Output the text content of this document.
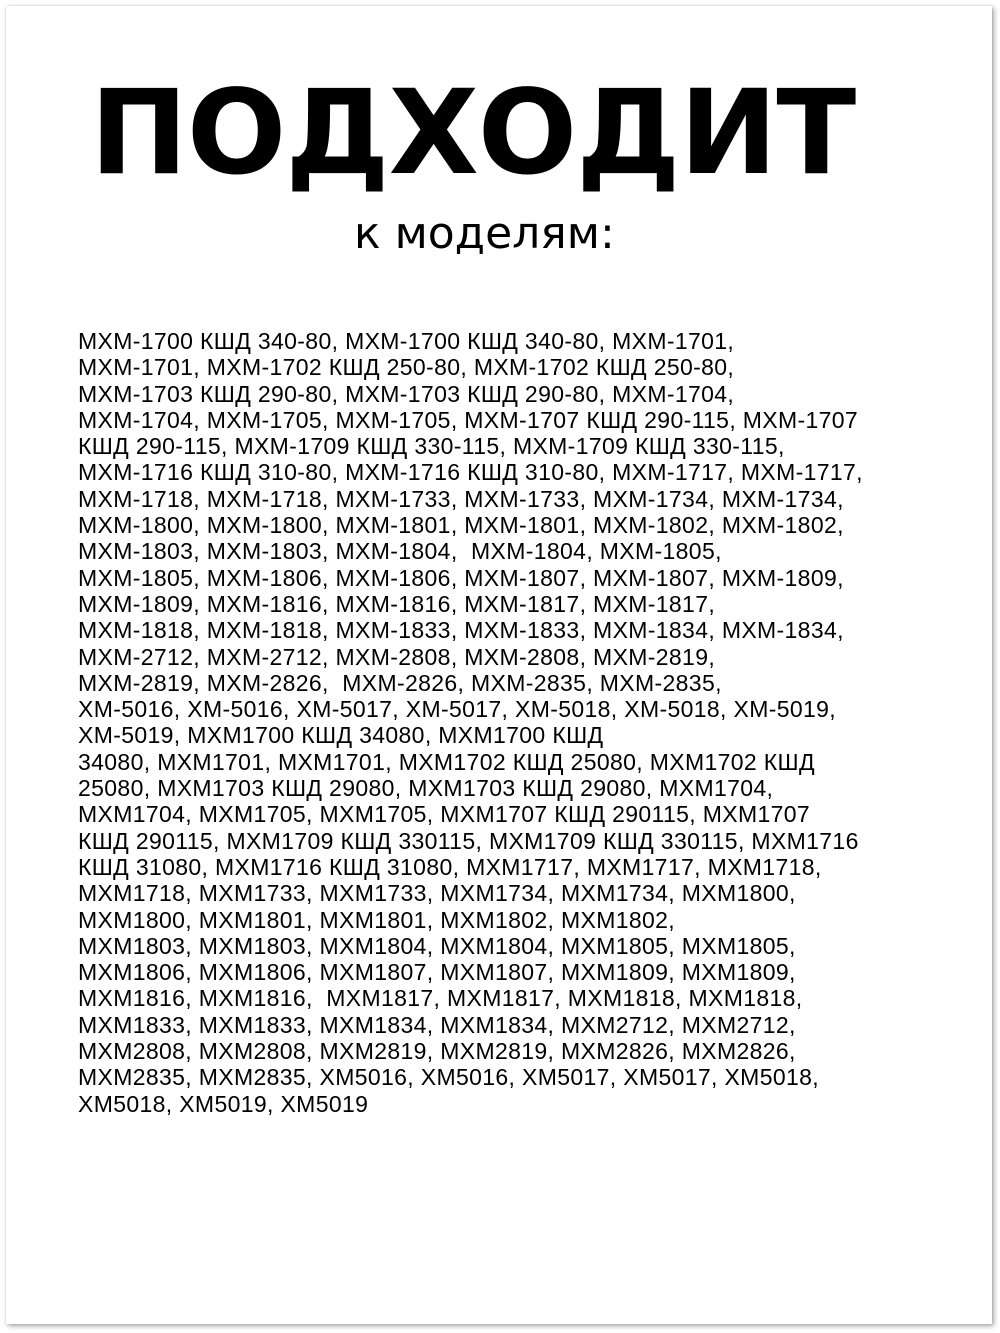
ПОДХОДИТ
к моделям:
МХМ-1700 КШД 340-80, МХМ-1700 КШД 340-80, МХМ-1701,
МХМ-1701, МХМ-1702 КШД 250-80, МХМ-1702 КШД 250-80,
МХМ-1703 КШД 290-80, МХМ-1703 КШД 290-80, МХМ-1704,
МХМ-1704, МХМ-1705, МХМ-1705, МХМ-1707 КШД 290-115, МХМ-1707
КШД 290-115, МХМ-1709 КШД 330-115, МХМ-1709 КШД 330-115,
МХМ-1716 КШД 310-80, МХМ-1716 КШД 310-80, МХМ-1717, МХМ-1717,
МХМ-1718, МХМ-1718, МХМ-1733, МХМ-1733, МХМ-1734, МХМ-1734,
МХМ-1800, МХМ-1800, МХМ-1801, МХМ-1801, МХМ-1802, МХМ-1802,
МХМ-1803, МХМ-1803, МХМ-1804,  МХМ-1804, МХМ-1805,
МХМ-1805, МХМ-1806, МХМ-1806, МХМ-1807, МХМ-1807, МХМ-1809,
МХМ-1809, МХМ-1816, МХМ-1816, МХМ-1817, МХМ-1817,
МХМ-1818, МХМ-1818, МХМ-1833, МХМ-1833, МХМ-1834, МХМ-1834,
МХМ-2712, МХМ-2712, МХМ-2808, МХМ-2808, МХМ-2819,
МХМ-2819, МХМ-2826,  МХМ-2826, МХМ-2835, МХМ-2835,
ХМ-5016, ХМ-5016, ХМ-5017, ХМ-5017, ХМ-5018, ХМ-5018, ХМ-5019,
ХМ-5019, МХМ1700 КШД 34080, МХМ1700 КШД
34080, МХМ1701, МХМ1701, МХМ1702 КШД 25080, МХМ1702 КШД
25080, МХМ1703 КШД 29080, МХМ1703 КШД 29080, МХМ1704,
МХМ1704, МХМ1705, МХМ1705, МХМ1707 КШД 290115, МХМ1707
КШД 290115, МХМ1709 КШД 330115, МХМ1709 КШД 330115, МХМ1716
КШД 31080, МХМ1716 КШД 31080, МХМ1717, МХМ1717, МХМ1718,
МХМ1718, МХМ1733, МХМ1733, МХМ1734, МХМ1734, МХМ1800,
МХМ1800, МХМ1801, МХМ1801, МХМ1802, МХМ1802,
МХМ1803, МХМ1803, МХМ1804, МХМ1804, МХМ1805, МХМ1805,
МХМ1806, МХМ1806, МХМ1807, МХМ1807, МХМ1809, МХМ1809,
МХМ1816, МХМ1816,  МХМ1817, МХМ1817, МХМ1818, МХМ1818,
МХМ1833, МХМ1833, МХМ1834, МХМ1834, МХМ2712, МХМ2712,
МХМ2808, МХМ2808, МХМ2819, МХМ2819, МХМ2826, МХМ2826,
МХМ2835, МХМ2835, ХМ5016, ХМ5016, ХМ5017, ХМ5017, ХМ5018,
ХМ5018, ХМ5019, ХМ5019
